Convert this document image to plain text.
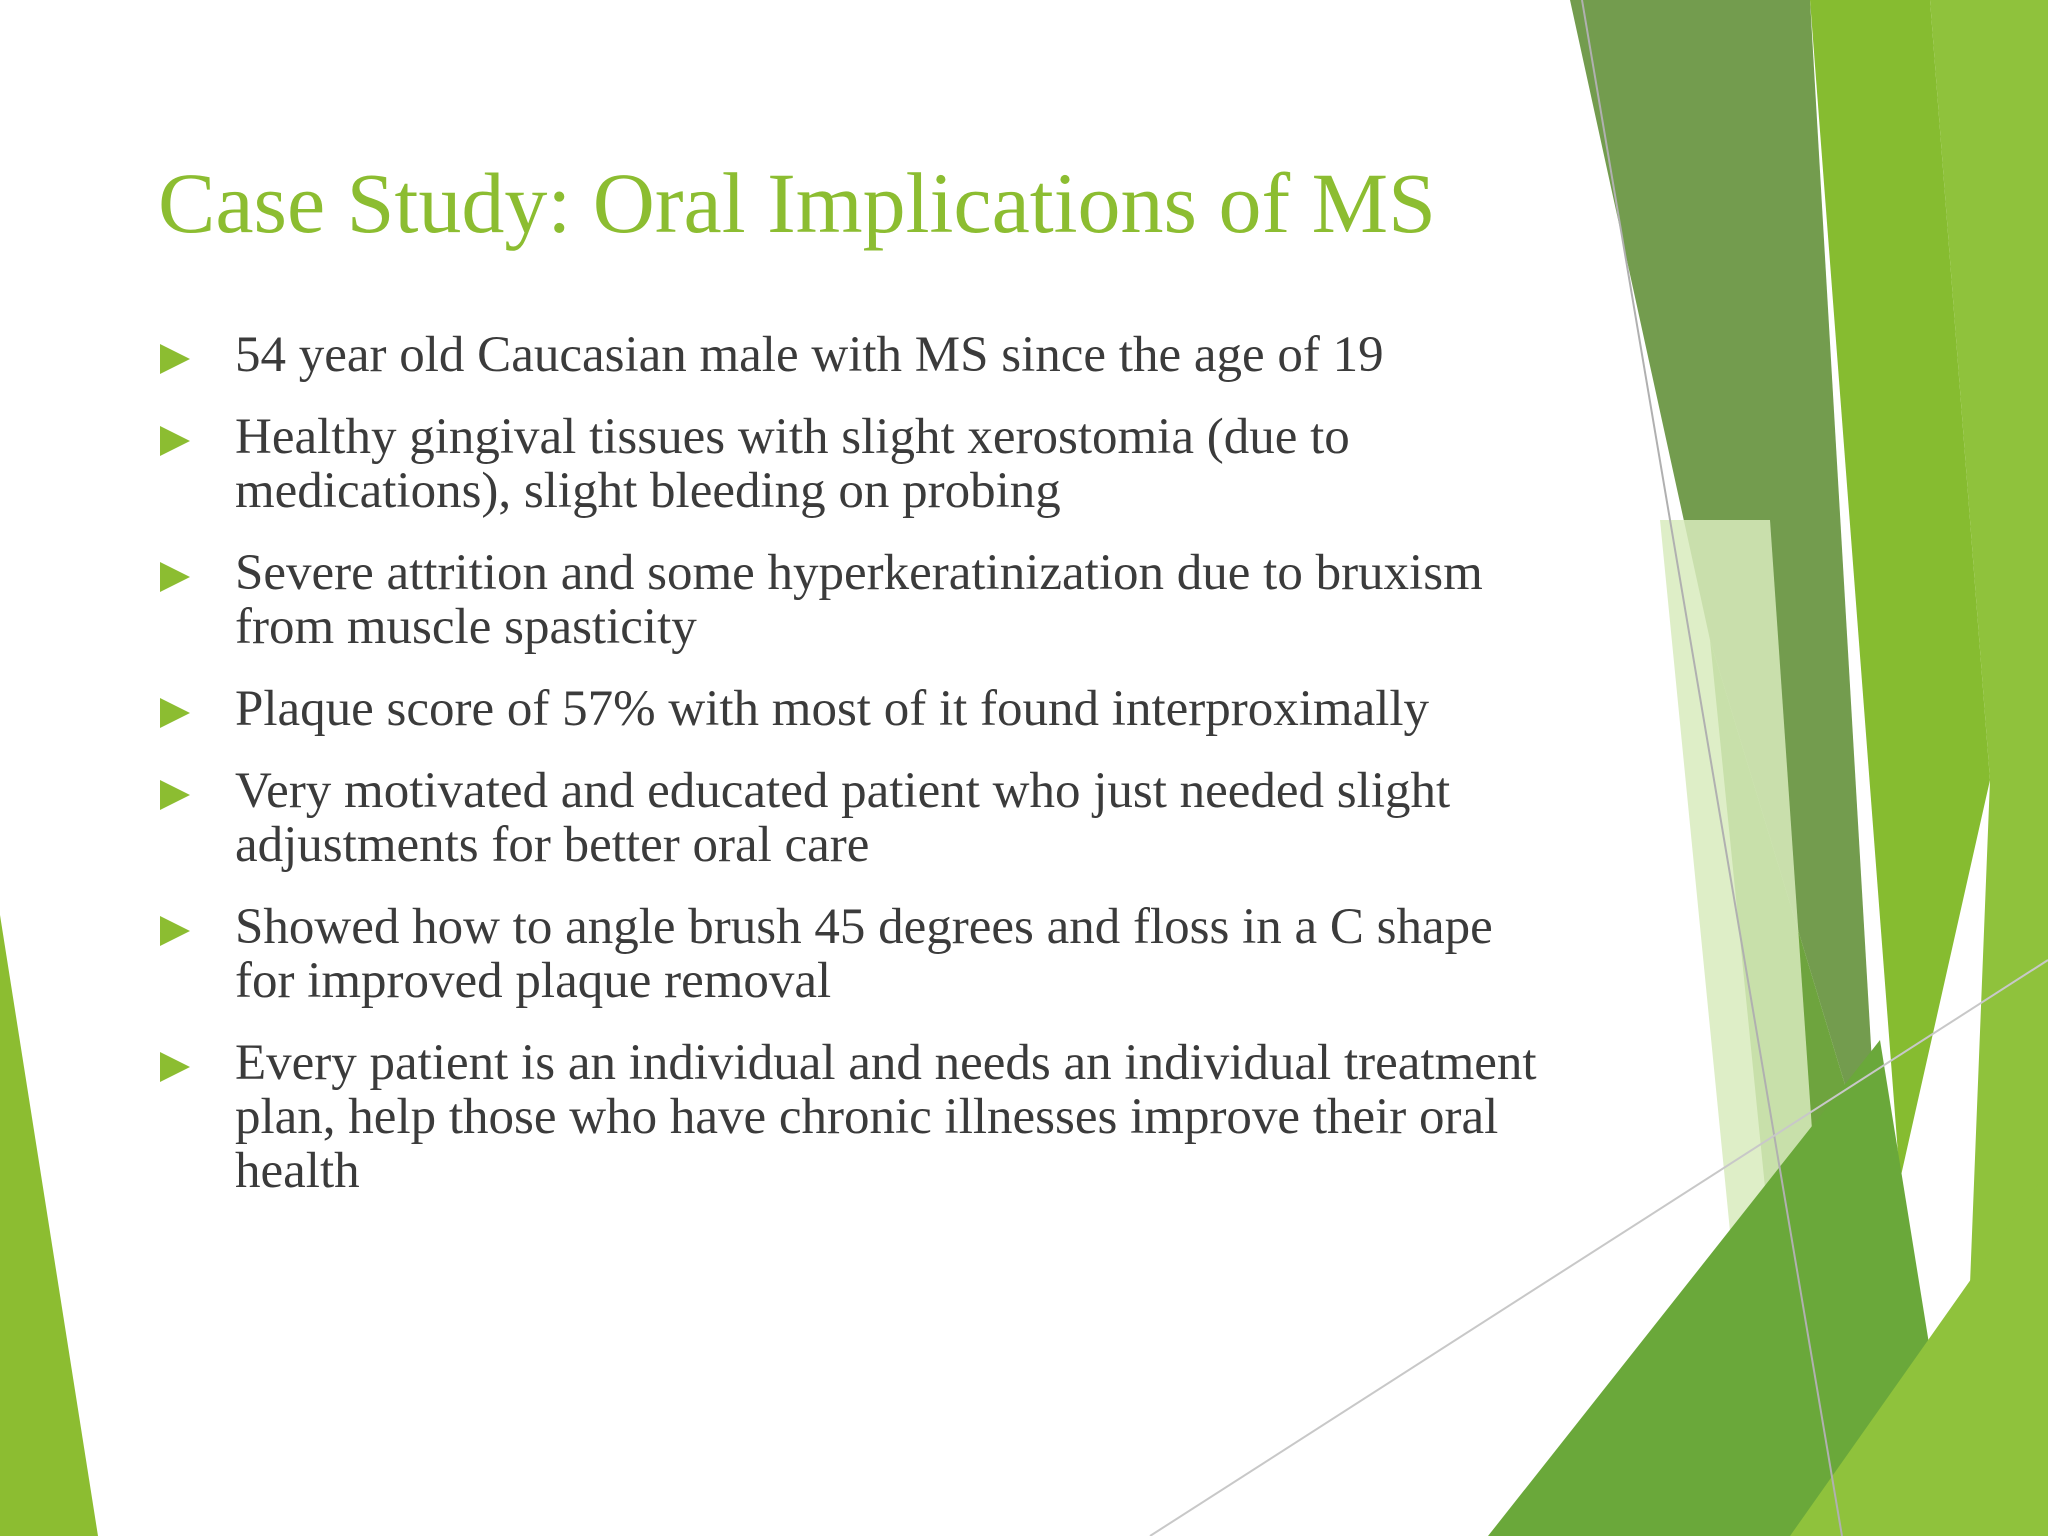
Case Study: Oral Implications of MS
54 year old Caucasian male with MS since the age of 19
Healthy gingival tissues with slight xerostomia (due to medications), slight bleeding on probing
Severe attrition and some hyperkeratinization due to bruxism from muscle spasticity
Plaque score of 57% with most of it found interproximally
Very motivated and educated patient who just needed slight adjustments for better oral care
Showed how to angle brush 45 degrees and floss in a C shape for improved plaque removal
Every patient is an individual and needs an individual treatment plan, help those who have chronic illnesses improve their oral health
